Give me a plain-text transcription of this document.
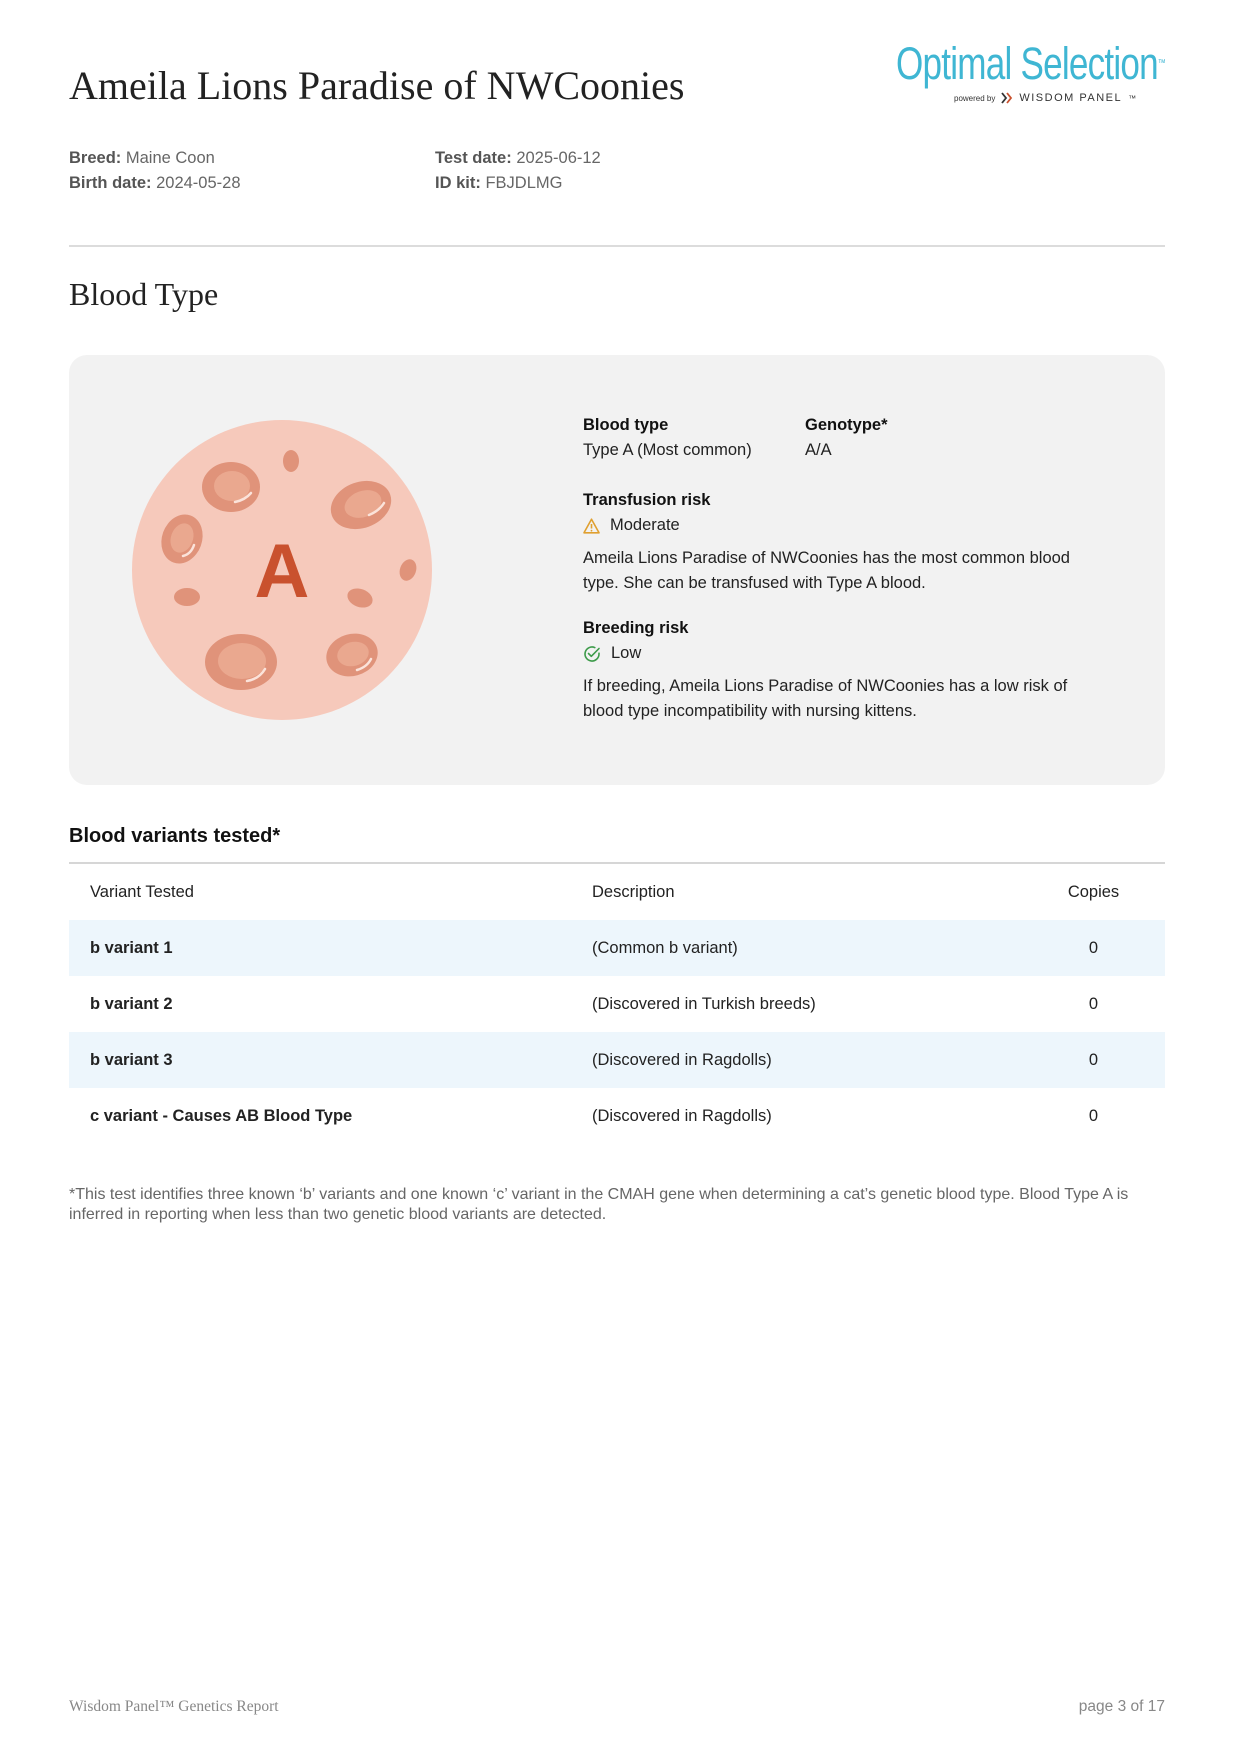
Ameila Lions Paradise of NWCoonies	Optimal Selection™
powered by WISDOM PANEL ™
Breed: Maine Coon
Birth date: 2024-05-28
Test date: 2025-06-12
ID kit: FBJDLMG
Blood Type
A
Blood type
Type A (Most common)
Genotype*
A/A
Transfusion risk
Moderate
Ameila Lions Paradise of NWCoonies has the most common blood type. She can be transfused with Type A blood.
Breeding risk
Low
If breeding, Ameila Lions Paradise of NWCoonies has a low risk of blood type incompatibility with nursing kittens.
Blood variants tested*
Variant Tested	Description	Copies
b variant 1	(Common b variant)	0
b variant 2	(Discovered in Turkish breeds)	0
b variant 3	(Discovered in Ragdolls)	0
c variant - Causes AB Blood Type	(Discovered in Ragdolls)	0

*This test identifies three known ‘b’ variants and one known ‘c’ variant in the CMAH gene when determining a cat’s genetic blood type. Blood Type A is inferred in reporting when less than two genetic blood variants are detected.

Wisdom Panel™ Genetics Report	page 3 of 17
